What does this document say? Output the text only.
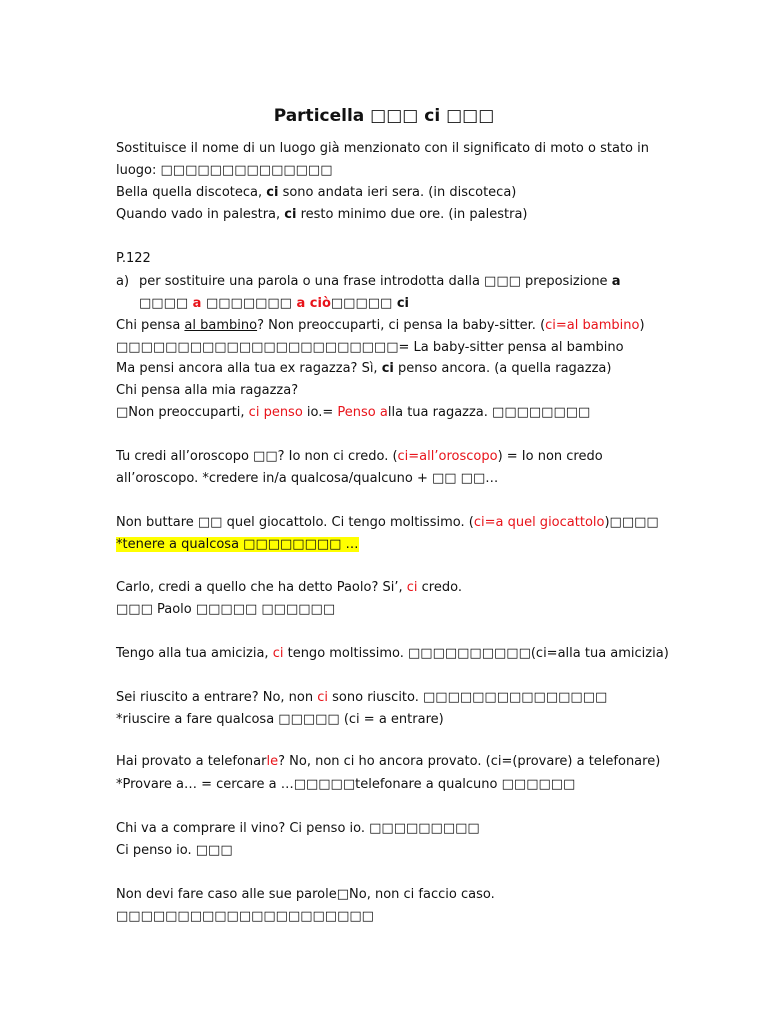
Particella □□□ ci □□□
Sostituisce il nome di un luogo già menzionato con il significato di moto o stato in
luogo: □□□□□□□□□□□□□□
Bella quella discoteca, ci sono andata ieri sera. (in discoteca)
Quando vado in palestra, ci resto minimo due ore. (in palestra)
P.122
a) per sostituire una parola o una frase introdotta dalla □□□ preposizione a
□□□□ a □□□□□□□ a ciò□□□□□ ci
Chi pensa al bambino? Non preoccuparti, ci pensa la baby-sitter. (ci=al bambino)
□□□□□□□□□□□□□□□□□□□□□□□= La baby-sitter pensa al bambino
Ma pensi ancora alla tua ex ragazza? Sì, ci penso ancora. (a quella ragazza)
Chi pensa alla mia ragazza?
□Non preoccuparti, ci penso io.= Penso alla tua ragazza. □□□□□□□□
Tu credi all’oroscopo □□? Io non ci credo. (ci=all’oroscopo) = Io non credo
all’oroscopo. *credere in/a qualcosa/qualcuno + □□ □□…
Non buttare □□ quel giocattolo. Ci tengo moltissimo. (ci=a quel giocattolo)□□□□
*tenere a qualcosa □□□□□□□□ …
Carlo, credi a quello che ha detto Paolo? Si’, ci credo.
□□□ Paolo □□□□□ □□□□□□
Tengo alla tua amicizia, ci tengo moltissimo. □□□□□□□□□□(ci=alla tua amicizia)
Sei riuscito a entrare? No, non ci sono riuscito. □□□□□□□□□□□□□□□
*riuscire a fare qualcosa □□□□□ (ci = a entrare)
Hai provato a telefonarle? No, non ci ho ancora provato. (ci=(provare) a telefonare)
*Provare a… = cercare a …□□□□□telefonare a qualcuno □□□□□□
Chi va a comprare il vino? Ci penso io. □□□□□□□□□
Ci penso io. □□□
Non devi fare caso alle sue parole□No, non ci faccio caso.
□□□□□□□□□□□□□□□□□□□□□
